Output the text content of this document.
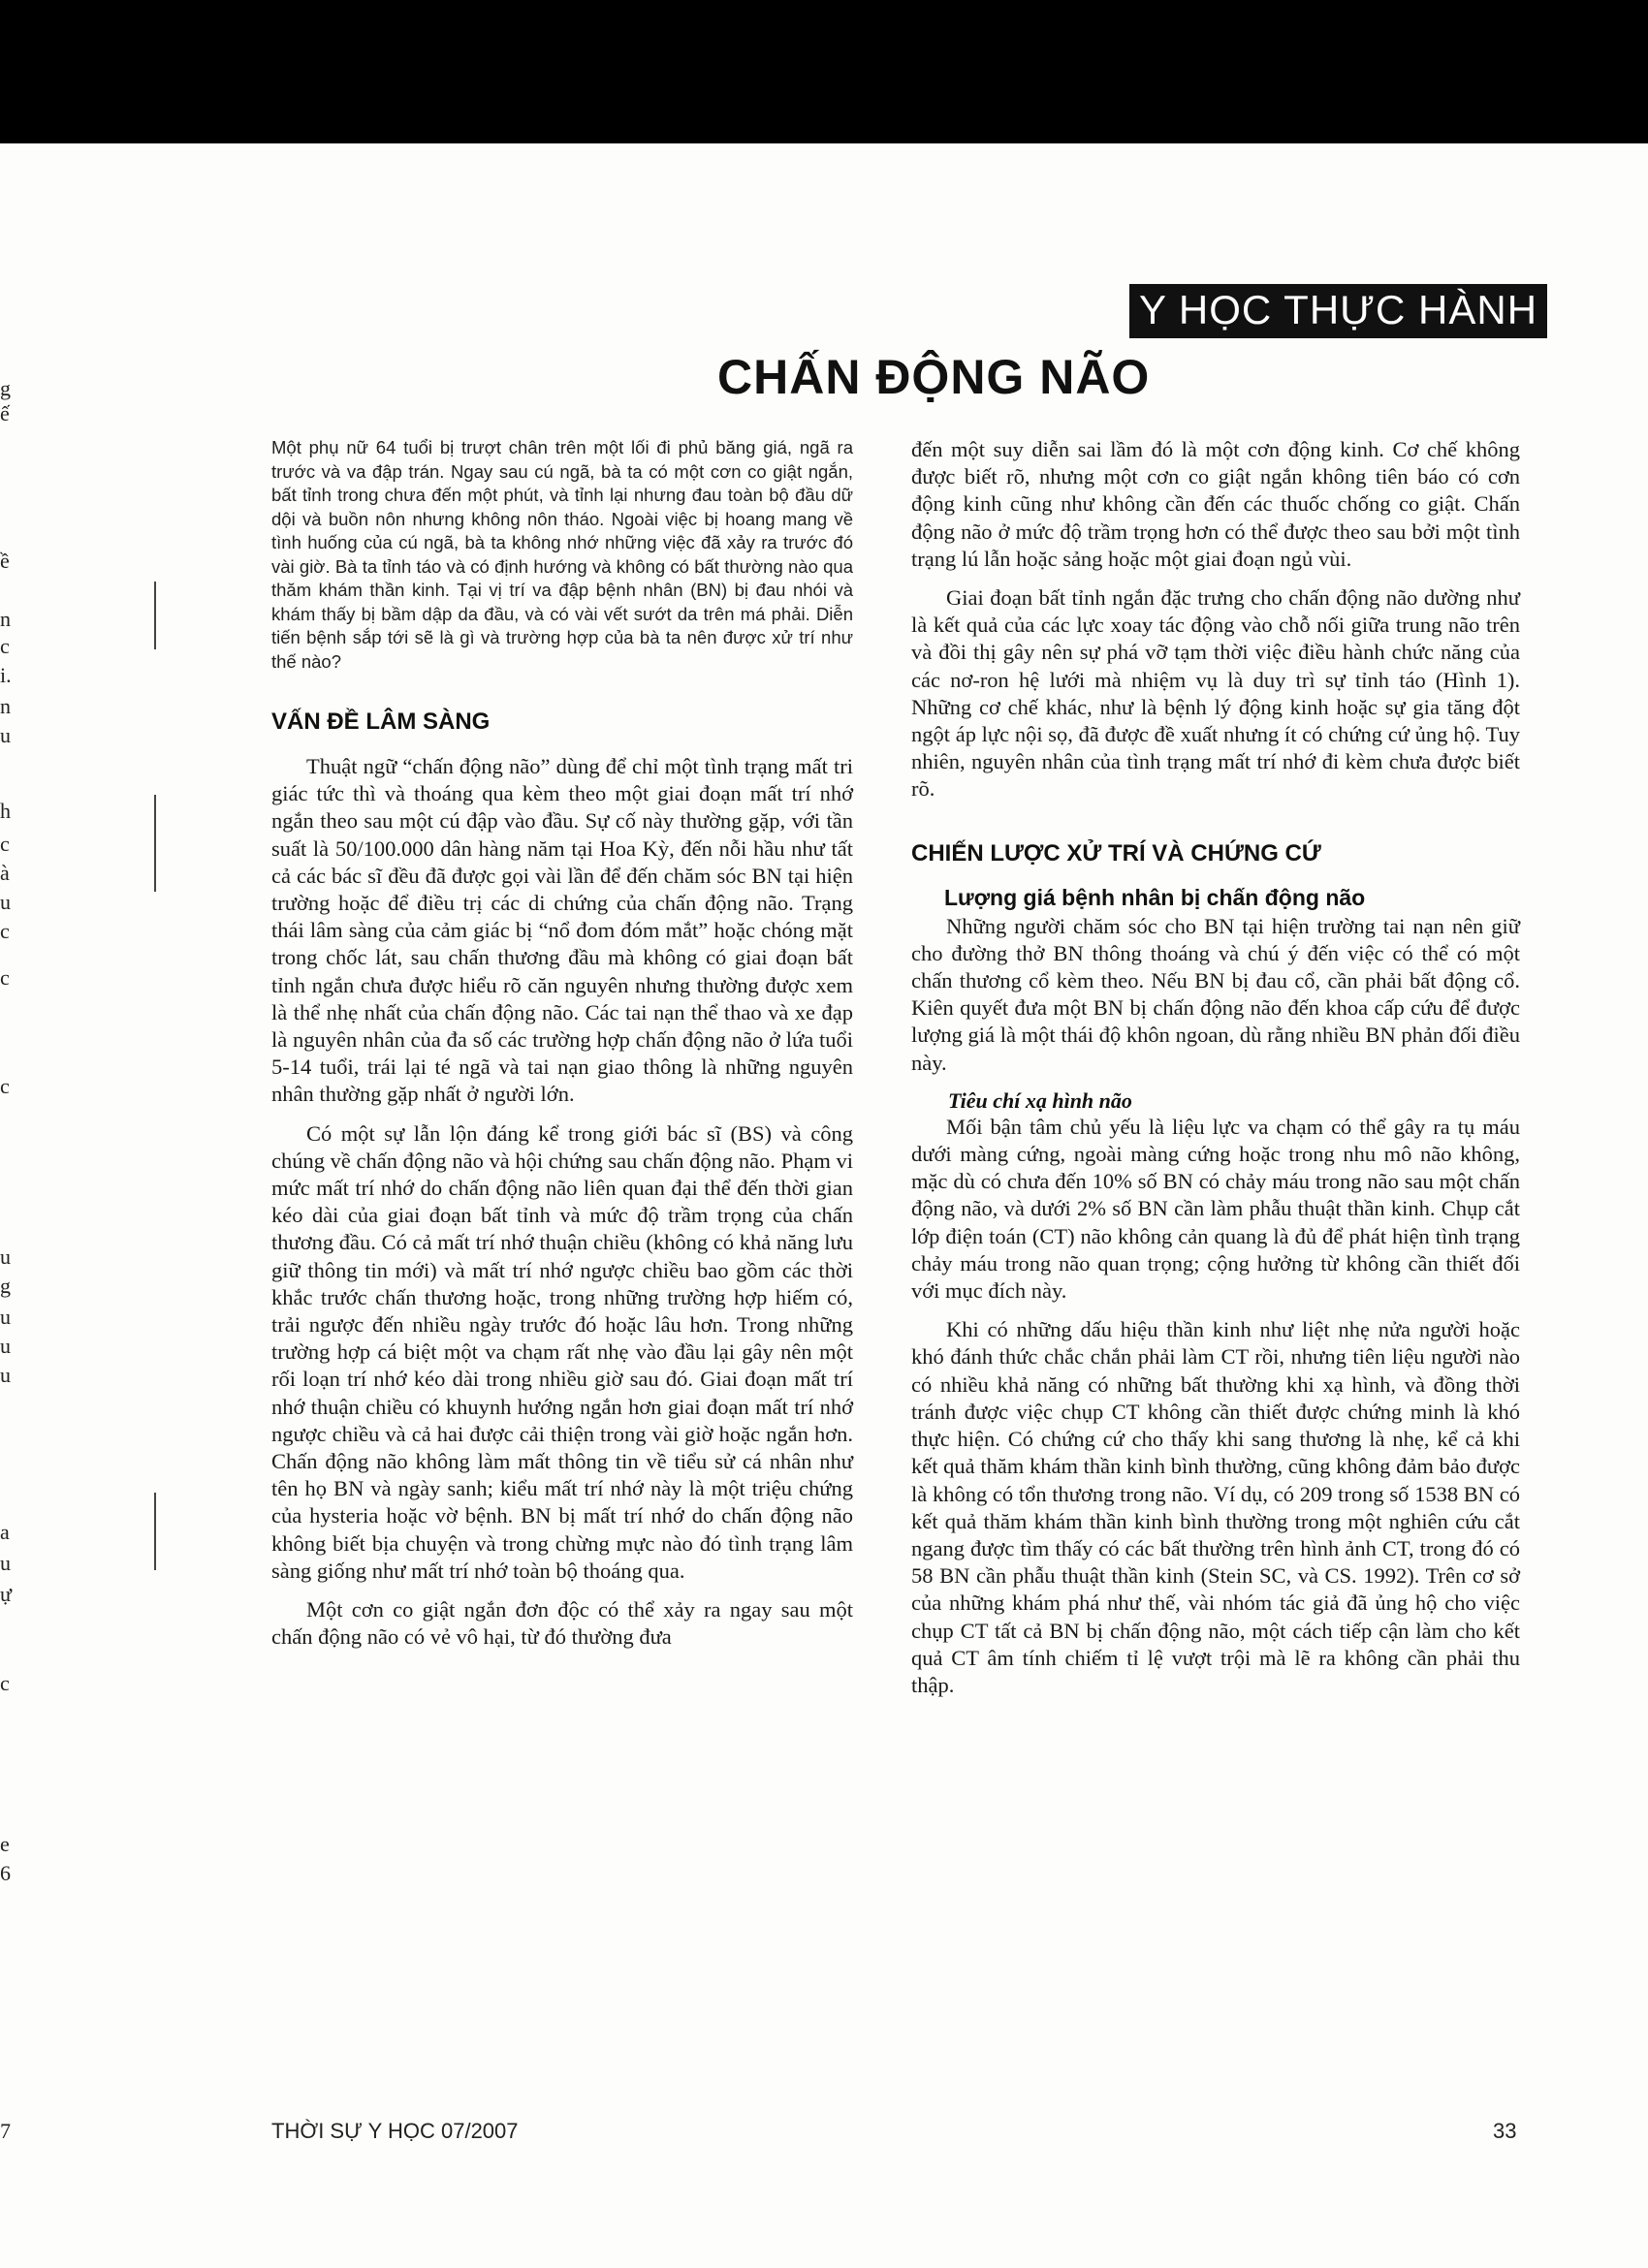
g
ế
ề
n
c
i.
n
u
h
c
à
u
c
c
c
u
g
u
u
u
a
u
ự
c
e
6
7
Y HỌC THỰC HÀNH
CHẤN ĐỘNG NÃO

Một phụ nữ 64 tuổi bị trượt chân trên một lối đi phủ băng giá, ngã ra trước và va đập trán. Ngay sau cú ngã, bà ta có một cơn co giật ngắn, bất tỉnh trong chưa đến một phút, và tỉnh lại nhưng đau toàn bộ đầu dữ dội và buồn nôn nhưng không nôn tháo. Ngoài việc bị hoang mang về tình huống của cú ngã, bà ta không nhớ những việc đã xảy ra trước đó vài giờ. Bà ta tỉnh táo và có định hướng và không có bất thường nào qua thăm khám thần kinh. Tại vị trí va đập bệnh nhân (BN) bị đau nhói và khám thấy bị bầm dập da đầu, và có vài vết sướt da trên má phải. Diễn tiến bệnh sắp tới sẽ là gì và trường hợp của bà ta nên được xử trí như thế nào?

VẤN ĐỀ LÂM SÀNG

Thuật ngữ “chấn động não” dùng để chỉ một tình trạng mất tri giác tức thì và thoáng qua kèm theo một giai đoạn mất trí nhớ ngắn theo sau một cú đập vào đầu. Sự cố này thường gặp, với tần suất là 50/100.000 dân hàng năm tại Hoa Kỳ, đến nỗi hầu như tất cả các bác sĩ đều đã được gọi vài lần để đến chăm sóc BN tại hiện trường hoặc để điều trị các di chứng của chấn động não. Trạng thái lâm sàng của cảm giác bị “nổ đom đóm mắt” hoặc chóng mặt trong chốc lát, sau chấn thương đầu mà không có giai đoạn bất tỉnh ngắn chưa được hiểu rõ căn nguyên nhưng thường được xem là thể nhẹ nhất của chấn động não. Các tai nạn thể thao và xe đạp là nguyên nhân của đa số các trường hợp chấn động não ở lứa tuổi 5-14 tuổi, trái lại té ngã và tai nạn giao thông là những nguyên nhân thường gặp nhất ở người lớn.

Có một sự lẫn lộn đáng kể trong giới bác sĩ (BS) và công chúng về chấn động não và hội chứng sau chấn động não. Phạm vi mức mất trí nhớ do chấn động não liên quan đại thể đến thời gian kéo dài của giai đoạn bất tỉnh và mức độ trầm trọng của chấn thương đầu. Có cả mất trí nhớ thuận chiều (không có khả năng lưu giữ thông tin mới) và mất trí nhớ ngược chiều bao gồm các thời khắc trước chấn thương hoặc, trong những trường hợp hiếm có, trải ngược đến nhiều ngày trước đó hoặc lâu hơn. Trong những trường hợp cá biệt một va chạm rất nhẹ vào đầu lại gây nên một rối loạn trí nhớ kéo dài trong nhiều giờ sau đó. Giai đoạn mất trí nhớ thuận chiều có khuynh hướng ngắn hơn giai đoạn mất trí nhớ ngược chiều và cả hai được cải thiện trong vài giờ hoặc ngắn hơn. Chấn động não không làm mất thông tin về tiểu sử cá nhân như tên họ BN và ngày sanh; kiểu mất trí nhớ này là một triệu chứng của hysteria hoặc vờ bệnh. BN bị mất trí nhớ do chấn động não không biết bịa chuyện và trong chừng mực nào đó tình trạng lâm sàng giống như mất trí nhớ toàn bộ thoáng qua.

Một cơn co giật ngắn đơn độc có thể xảy ra ngay sau một chấn động não có vẻ vô hại, từ đó thường đưa

đến một suy diễn sai lầm đó là một cơn động kinh. Cơ chế không được biết rõ, nhưng một cơn co giật ngắn không tiên báo có cơn động kinh cũng như không cần đến các thuốc chống co giật. Chấn động não ở mức độ trầm trọng hơn có thể được theo sau bởi một tình trạng lú lẫn hoặc sảng hoặc một giai đoạn ngủ vùi.

Giai đoạn bất tỉnh ngắn đặc trưng cho chấn động não dường như là kết quả của các lực xoay tác động vào chỗ nối giữa trung não trên và đồi thị gây nên sự phá vỡ tạm thời việc điều hành chức năng của các nơ-ron hệ lưới mà nhiệm vụ là duy trì sự tỉnh táo (Hình 1). Những cơ chế khác, như là bệnh lý động kinh hoặc sự gia tăng đột ngột áp lực nội sọ, đã được đề xuất nhưng ít có chứng cứ ủng hộ. Tuy nhiên, nguyên nhân của tình trạng mất trí nhớ đi kèm chưa được biết rõ.

CHIẾN LƯỢC XỬ TRÍ VÀ CHỨNG CỨ
Lượng giá bệnh nhân bị chấn động não

Những người chăm sóc cho BN tại hiện trường tai nạn nên giữ cho đường thở BN thông thoáng và chú ý đến việc có thể có một chấn thương cổ kèm theo. Nếu BN bị đau cổ, cần phải bất động cổ. Kiên quyết đưa một BN bị chấn động não đến khoa cấp cứu để được lượng giá là một thái độ khôn ngoan, dù rằng nhiều BN phản đối điều này.

Tiêu chí xạ hình não

Mối bận tâm chủ yếu là liệu lực va chạm có thể gây ra tụ máu dưới màng cứng, ngoài màng cứng hoặc trong nhu mô não không, mặc dù có chưa đến 10% số BN có chảy máu trong não sau một chấn động não, và dưới 2% số BN cần làm phẫu thuật thần kinh. Chụp cắt lớp điện toán (CT) não không cản quang là đủ để phát hiện tình trạng chảy máu trong não quan trọng; cộng hưởng từ không cần thiết đối với mục đích này.

Khi có những dấu hiệu thần kinh như liệt nhẹ nửa người hoặc khó đánh thức chắc chắn phải làm CT rồi, nhưng tiên liệu người nào có nhiều khả năng có những bất thường khi xạ hình, và đồng thời tránh được việc chụp CT không cần thiết được chứng minh là khó thực hiện. Có chứng cứ cho thấy khi sang thương là nhẹ, kể cả khi kết quả thăm khám thần kinh bình thường, cũng không đảm bảo được là không có tổn thương trong não. Ví dụ, có 209 trong số 1538 BN có kết quả thăm khám thần kinh bình thường trong một nghiên cứu cắt ngang được tìm thấy có các bất thường trên hình ảnh CT, trong đó có 58 BN cần phẫu thuật thần kinh (Stein SC, và CS. 1992). Trên cơ sở của những khám phá như thế, vài nhóm tác giả đã ủng hộ cho việc chụp CT tất cả BN bị chấn động não, một cách tiếp cận làm cho kết quả CT âm tính chiếm tỉ lệ vượt trội mà lẽ ra không cần phải thu thập.

THỜI SỰ Y HỌC 07/2007	33
